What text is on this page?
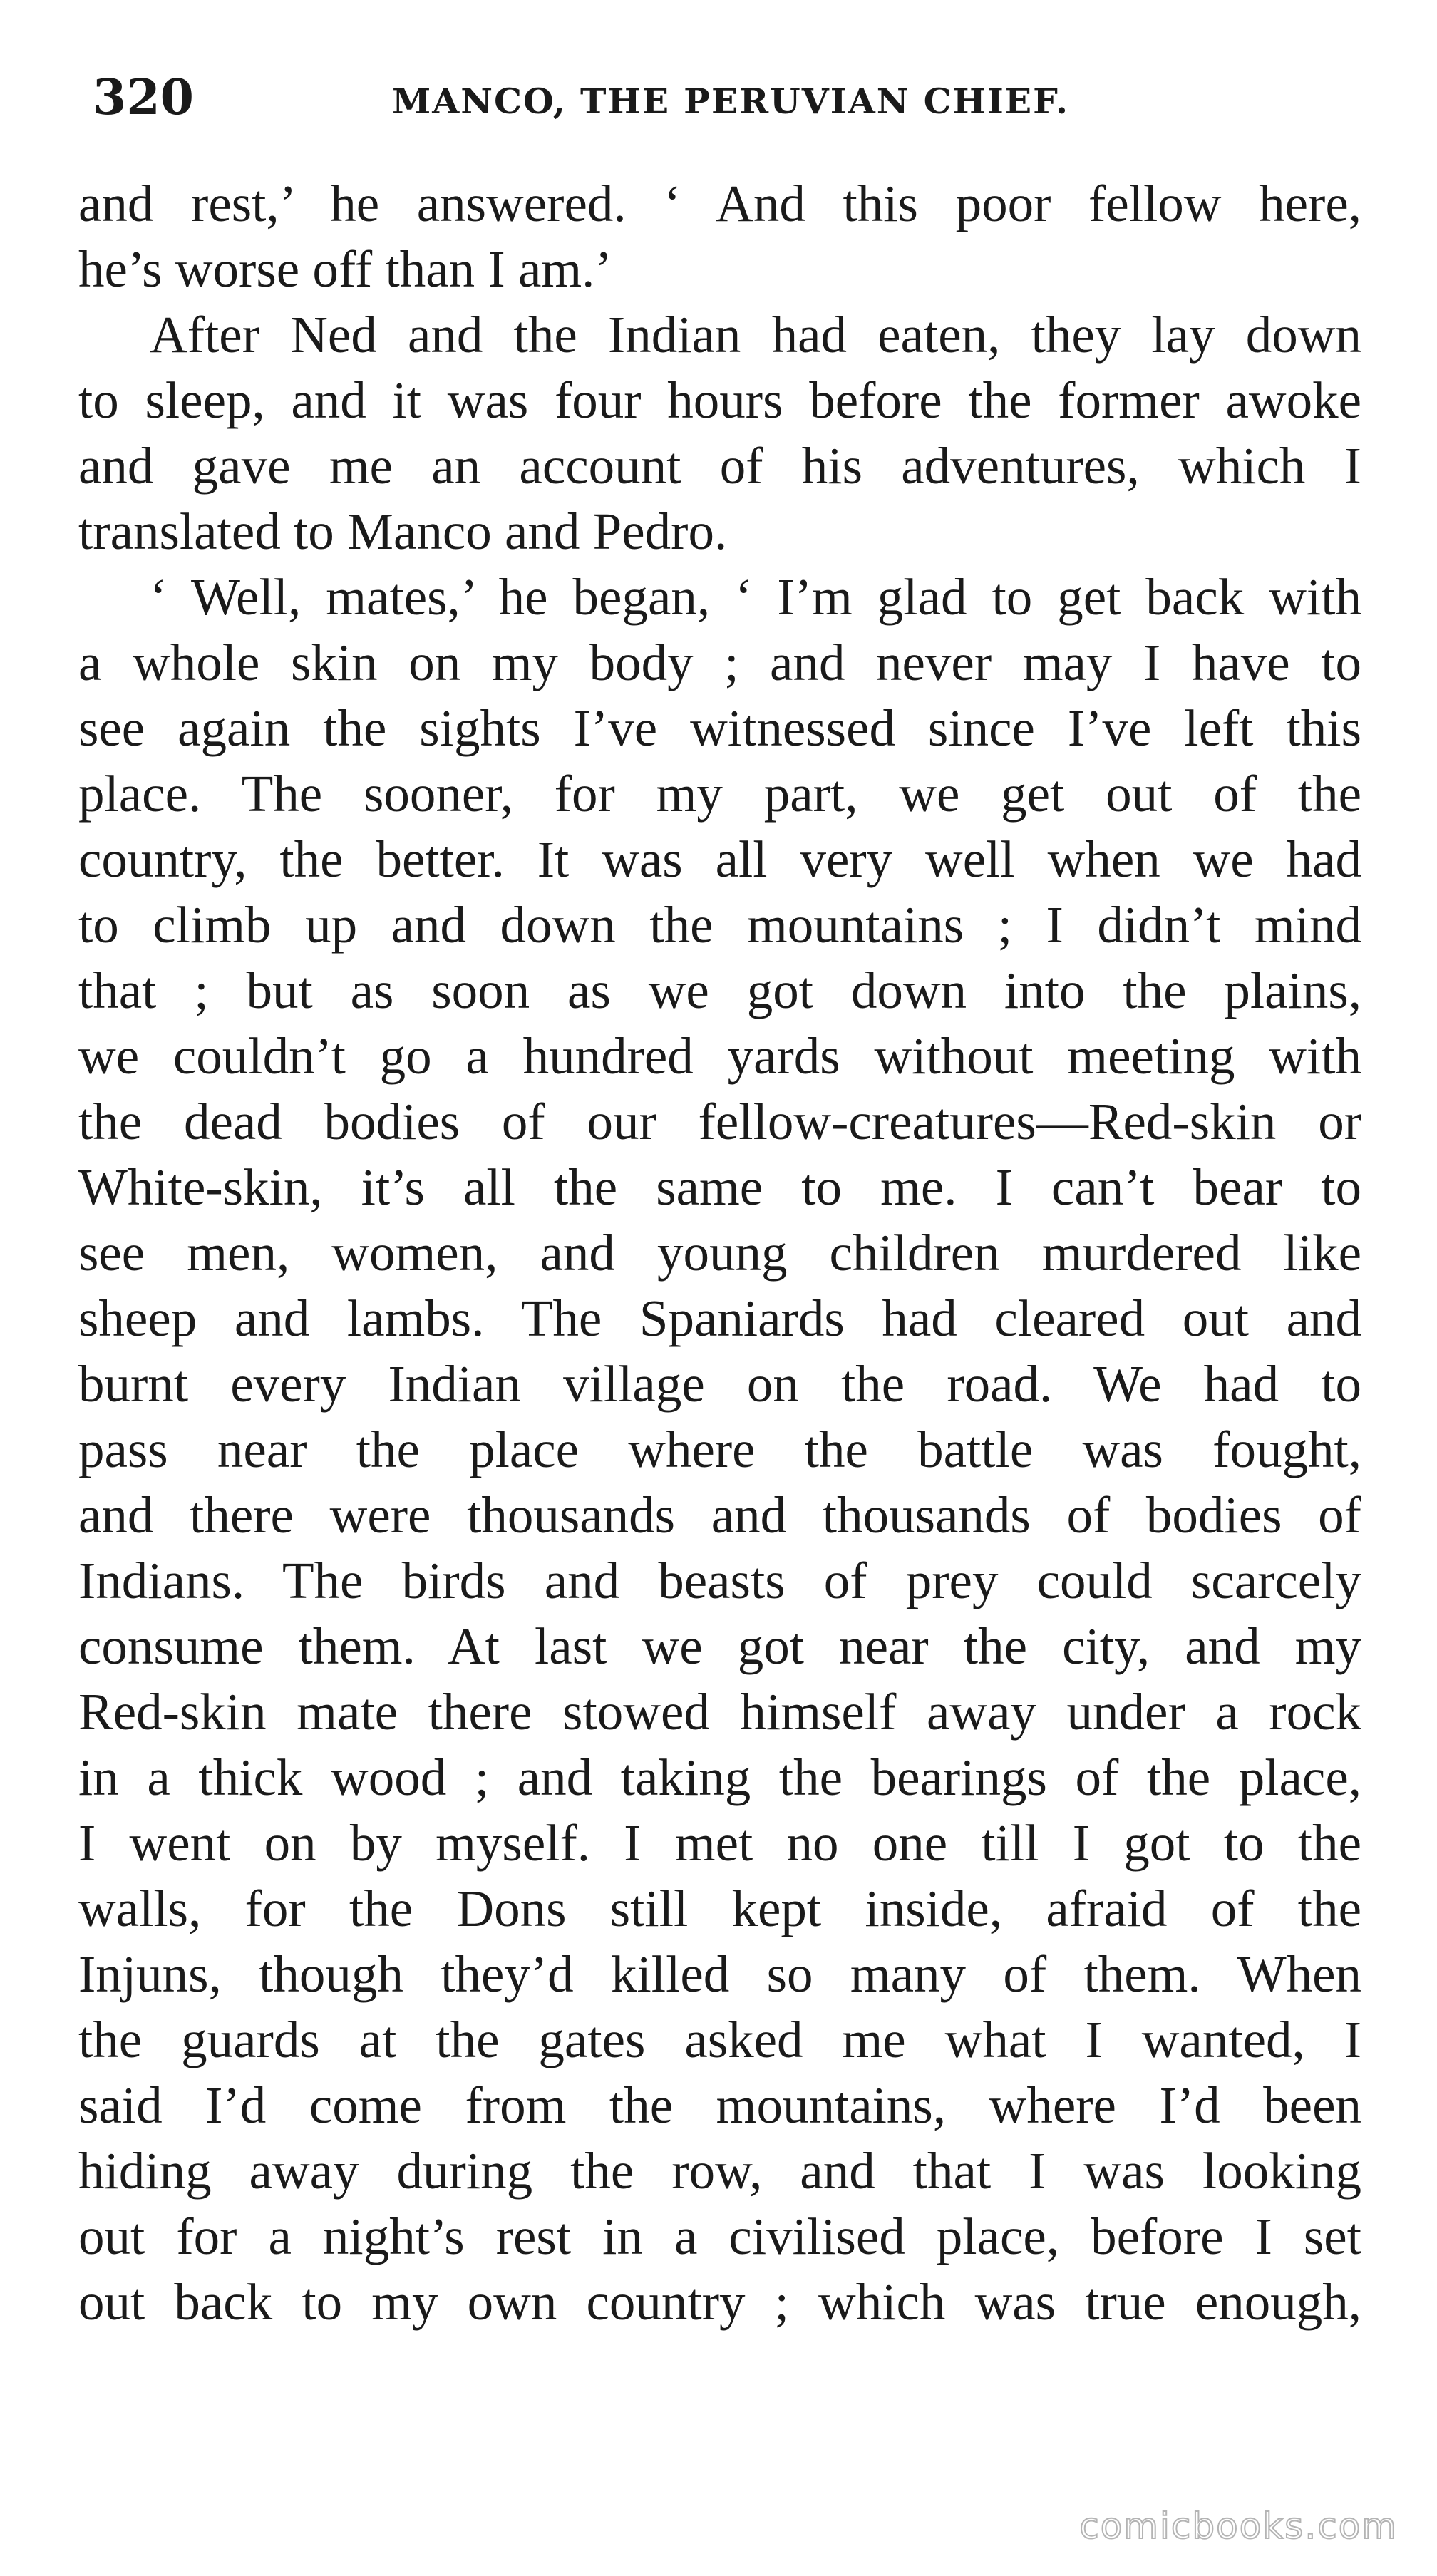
320	MANCO, THE PERUVIAN CHIEF.
and rest,’ he answered. ‘ And this poor fellow here,
he’s worse off than I am.’
After Ned and the Indian had eaten, they lay down
to sleep, and it was four hours before the former awoke
and gave me an account of his adventures, which I
translated to Manco and Pedro.
‘ Well, mates,’ he began, ‘ I’m glad to get back with
a whole skin on my body ; and never may I have to
see again the sights I’ve witnessed since I’ve left this
place. The sooner, for my part, we get out of the
country, the better. It was all very well when we had
to climb up and down the mountains ; I didn’t mind
that ; but as soon as we got down into the plains,
we couldn’t go a hundred yards without meeting with
the dead bodies of our fellow-creatures—Red-skin or
White-skin, it’s all the same to me. I can’t bear to
see men, women, and young children murdered like
sheep and lambs. The Spaniards had cleared out and
burnt every Indian village on the road. We had to
pass near the place where the battle was fought,
and there were thousands and thousands of bodies of
Indians. The birds and beasts of prey could scarcely
consume them. At last we got near the city, and my
Red-skin mate there stowed himself away under a rock
in a thick wood ; and taking the bearings of the place,
I went on by myself. I met no one till I got to the
walls, for the Dons still kept inside, afraid of the
Injuns, though they’d killed so many of them. When
the guards at the gates asked me what I wanted, I
said I’d come from the mountains, where I’d been
hiding away during the row, and that I was looking
out for a night’s rest in a civilised place, before I set
out back to my own country ; which was true enough,
comicbooks.com
